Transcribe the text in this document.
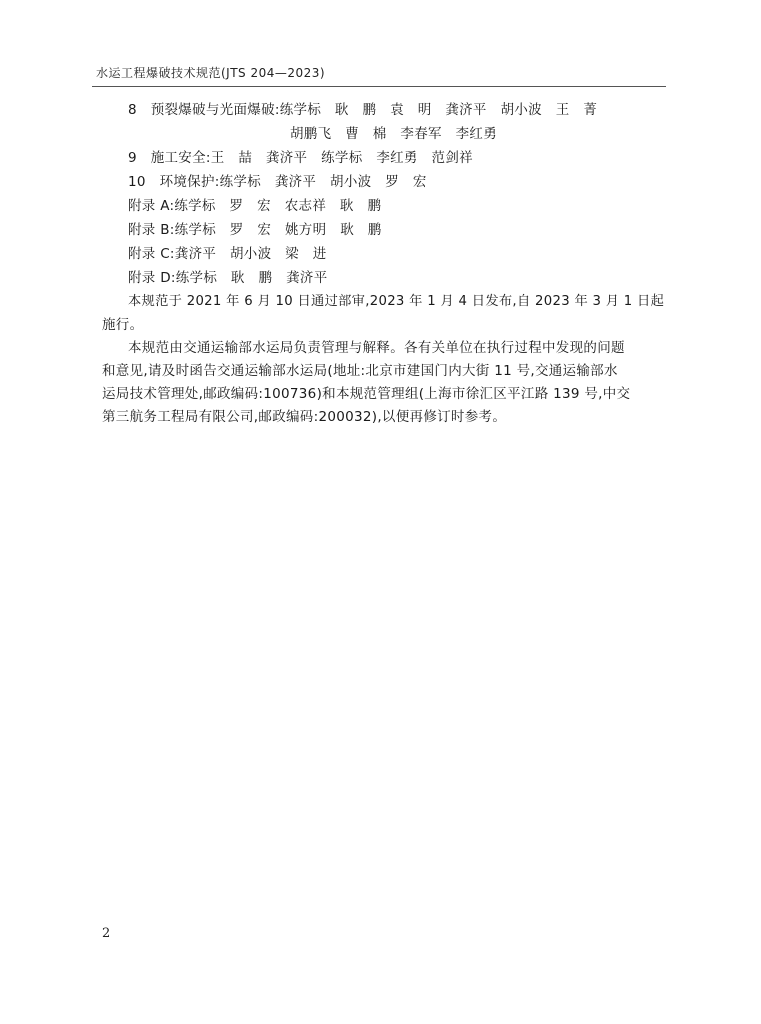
水运工程爆破技术规范(JTS 204—2023)
8　预裂爆破与光面爆破:练学标　耿　鹏　袁　明　龚济平　胡小波　王　菁
胡鹏飞　曹　棉　李春军　李红勇
9　施工安全:王　喆　龚济平　练学标　李红勇　范剑祥
10　环境保护:练学标　龚济平　胡小波　罗　宏
附录 A:练学标　罗　宏　农志祥　耿　鹏
附录 B:练学标　罗　宏　姚方明　耿　鹏
附录 C:龚济平　胡小波　梁　进
附录 D:练学标　耿　鹏　龚济平
本规范于 2021 年 6 月 10 日通过部审,2023 年 1 月 4 日发布,自 2023 年 3 月 1 日起
施行。
本规范由交通运输部水运局负责管理与解释。各有关单位在执行过程中发现的问题
和意见,请及时函告交通运输部水运局(地址:北京市建国门内大街 11 号,交通运输部水
运局技术管理处,邮政编码:100736)和本规范管理组(上海市徐汇区平江路 139 号,中交
第三航务工程局有限公司,邮政编码:200032),以便再修订时参考。
2
